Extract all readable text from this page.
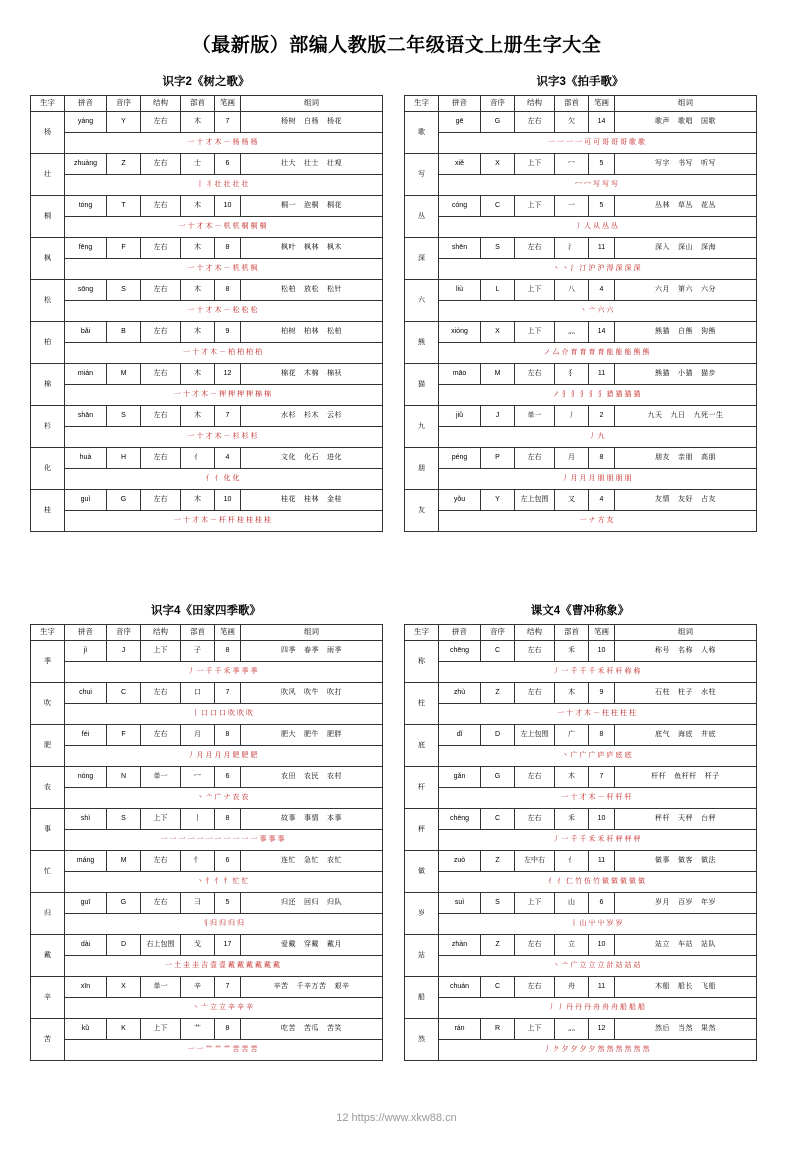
（最新版）部编人教版二年级语文上册生字大全
识字2《树之歌》
生字	拼音	音序	结构	部首	笔画	组词
杨	yáng	Y	左右	木	7	杨树 白杨 杨花
	一十才木－杨杨杨					
壮	zhuàng	Z	左右	士	6	壮大 壮士 壮观
	丨丬壮壮壮壮					
桐	tóng	T	左右	木	10	桐一 泡桐 桐花
	一十才木－机机桐桐桐					
枫	fēng	F	左右	木	8	枫叶 枫林 枫木
	一十才木－机机枫					
松	sōng	S	左右	木	8	松柏 放松 松针
	一十才木－松松松					
柏	bǎi	B	左右	木	9	柏树 柏林 松柏
	一十才木－柏柏柏柏					
棉	mián	M	左右	木	12	棉花 木棉 棉袄
	一十才木－柙柙柙柙棉棉					
杉	shān	S	左右	木	7	水杉 杉木 云杉
	一十才木－杉杉杉					
化	huà	H	左右	亻	4	文化 化石 进化
	亻亻化化					
桂	guì	G	左右	木	10	桂花 桂林 金桂
	一十才木－杆杆桂桂桂桂					
识字3《拍手歌》
生字	拼音	音序	结构	部首	笔画	组词
歌	gē	G	左右	欠	14	歌声 歌唱 国歌
	一一一一可可哥哥哥歌歌					
写	xiě	X	上下	冖	5	写字 书写 听写
	冖冖写写写					
丛	cóng	C	上下	一	5	丛林 草丛 花丛
	丿人从丛丛					
深	shēn	S	左右	氵	11	深入 深山 深海
	丶丶氵汀沪沪淂深深深					
六	liù	L	上下	八	4	六月 第六 六分
	丶亠六六					
熊	xióng	X	上下	灬	14	熊猫 白熊 狗熊
	ノ厶介育育育育能能能熊熊					
猫	māo	M	左右	犭	11	熊猫 小猫 猫步
	ノ犭犭犭犭犭猎猫猫猫					
九	jiǔ	J	单一	丿	2	九天 九日 九死一生
	丿九					
朋	péng	P	左右	月	8	朋友 亲朋 高朋
	丿月月月朋朋朋朋					
友	yǒu	Y	左上包围	又	4	友情 友好 占友
	一ナ方友					
识字4《田家四季歌》
生字	拼音	音序	结构	部首	笔画	组词
季	jì	J	上下	子	8	四季 春季 雨季
	丿一千千禾季季季					
吹	chui	C	左右	口	7	吹风 吹牛 吹打
	丨口口口吹吹吹					
肥	féi	F	左右	月	8	肥大 肥牛 肥胖
	丿月月月月肥肥肥					
农	nóng	N	单一	冖	6	农田 农民 农村
	丶亠广ナ农农					
事	shì	S	上下	丨	8	故事 事情 本事
	一一一一一一一一一一一事事事					
忙	máng	M	左右	忄	6	连忙 急忙 农忙
	丶忄忄忄忙忙					
归	guī	G	左右	彐	5	归还 回归 归队
	刂归归归归					
戴	dài	D	右上包围	戈	17	爱戴 穿戴 戴月
	一土圭圭吉壹壹戴戴戴戴戴戴					
辛	xīn	X	单一	辛	7	辛苦 千辛万苦 艰辛
	丶亠立立辛辛辛					
苦	kǔ	K	上下	艹	8	吃苦 苦瓜 苦笑
	一一艹艹艹苦苦苦					
课文4《曹冲称象》
生字	拼音	音序	结构	部首	笔画	组词
称	chēng	C	左右	禾	10	称号 名称 人称
	丿一千千千禾秆秆称称					
柱	zhù	Z	左右	木	9	石柱 柱子 水柱
	一十才木－柱柱柱柱					
底	dǐ	D	左上包围	广	8	底气 海底 井底
	丶广广广庐庐底底					
杆	gǎn	G	左右	木	7	杆杆 鱼杆杆 杆子
	一十才木－杆杆杆					
秤	chèng	C	左右	禾	10	秤杆 天秤 台秤
	丿一千千禾禾秆秤秤秤					
做	zuò	Z	左中右	亻	11	做事 做客 做法
	亻亻仁竹仿竹做做做做做					
岁	suì	S	上下	山	6	岁月 百岁 年岁
	丨山屮屮岁岁					
站	zhàn	Z	左右	立	10	站立 车站 站队
	丶亠广立立立計站站站					
船	chuán	C	左右	舟	11	木船 船长 飞船
	丿丿丹丹丹舟舟舟船船船					
然	rán	R	上下	灬	12	然后 当然 果然
	丿ク夕夕夕夕然然然然然然					
12 https://www.xkw88.cn
